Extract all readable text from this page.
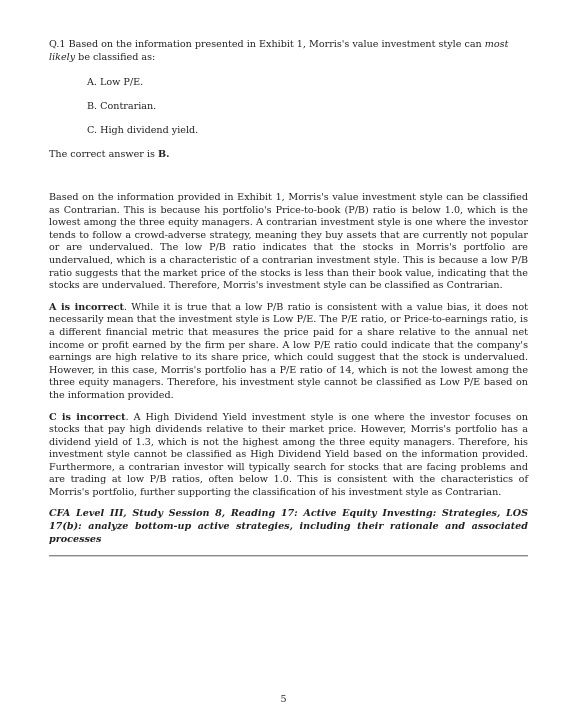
Q.1 Based on the information presented in Exhibit 1, Morris's value investment style can most likely be classified as:

A. Low P/E.
B. Contrarian.
C. High dividend yield.

The correct answer is B.

Based on the information provided in Exhibit 1, Morris's value investment style can be classified as Contrarian. This is because his portfolio's Price-to-book (P/B) ratio is below 1.0, which is the lowest among the three equity managers. A contrarian investment style is one where the investor tends to follow a crowd-adverse strategy, meaning they buy assets that are currently not popular or are undervalued. The low P/B ratio indicates that the stocks in Morris's portfolio are undervalued, which is a characteristic of a contrarian investment style. This is because a low P/B ratio suggests that the market price of the stocks is less than their book value, indicating that the stocks are undervalued. Therefore, Morris's investment style can be classified as Contrarian.

A is incorrect. While it is true that a low P/B ratio is consistent with a value bias, it does not necessarily mean that the investment style is Low P/E. The P/E ratio, or Price-to-earnings ratio, is a different financial metric that measures the price paid for a share relative to the annual net income or profit earned by the firm per share. A low P/E ratio could indicate that the company's earnings are high relative to its share price, which could suggest that the stock is undervalued. However, in this case, Morris's portfolio has a P/E ratio of 14, which is not the lowest among the three equity managers. Therefore, his investment style cannot be classified as Low P/E based on the information provided.

C is incorrect. A High Dividend Yield investment style is one where the investor focuses on stocks that pay high dividends relative to their market price. However, Morris's portfolio has a dividend yield of 1.3, which is not the highest among the three equity managers. Therefore, his investment style cannot be classified as High Dividend Yield based on the information provided. Furthermore, a contrarian investor will typically search for stocks that are facing problems and are trading at low P/B ratios, often below 1.0. This is consistent with the characteristics of Morris's portfolio, further supporting the classification of his investment style as Contrarian.

CFA Level III, Study Session 8, Reading 17: Active Equity Investing: Strategies, LOS 17(b): analyze bottom-up active strategies, including their rationale and associated processes

5
